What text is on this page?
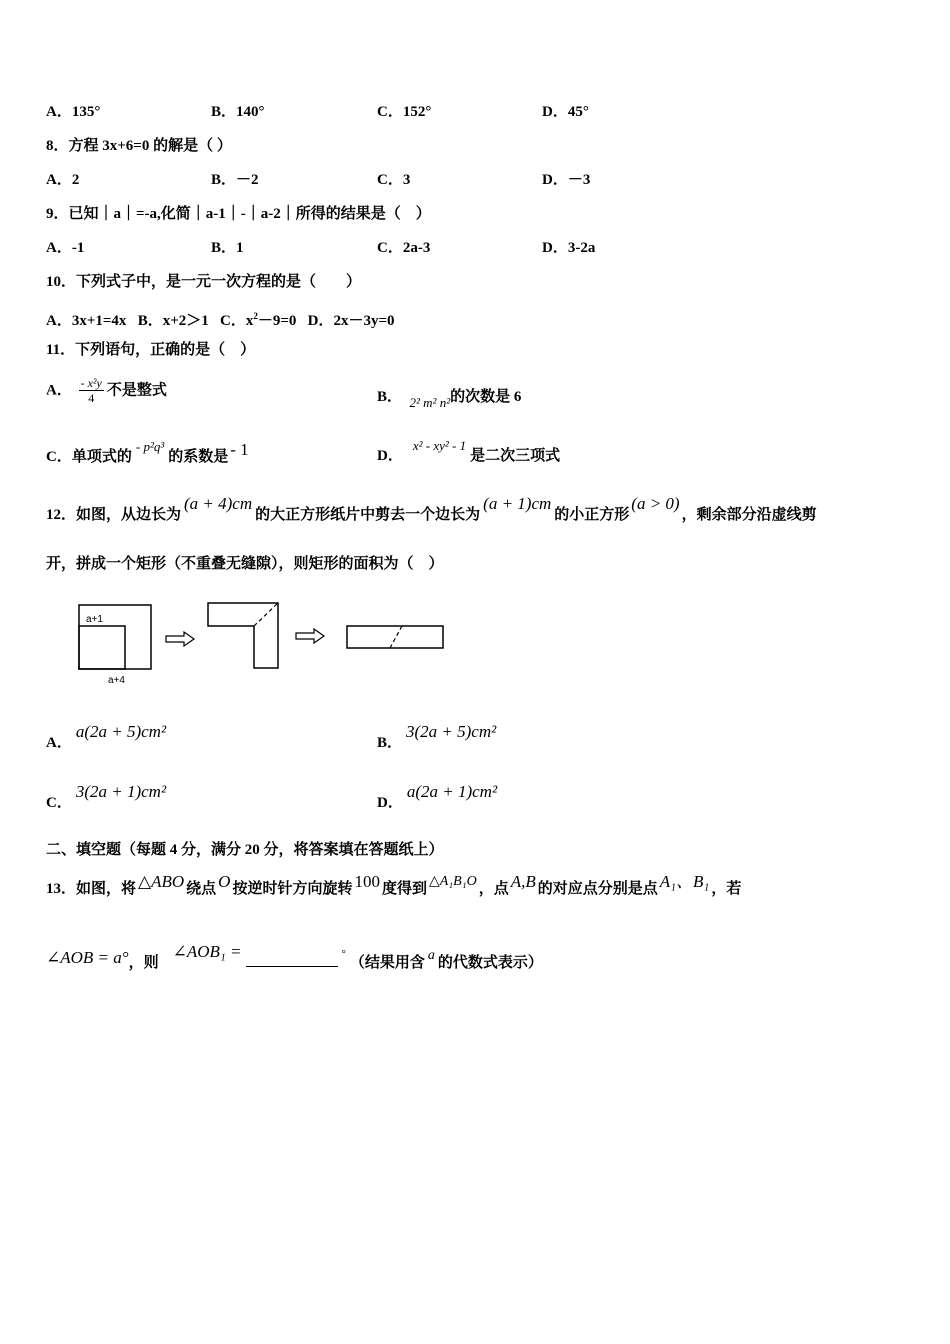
A．135°	B．140°	C．152°	D．45°
8．方程 3x+6=0 的解是（ ）
A．2	B．－2	C．3	D．－3
9．已知｜a｜=-a,化简｜a-1｜-｜a-2｜所得的结果是（　）
A．-1	B．1	C．2a-3	D．3-2a
10．下列式子中，是一元一次方程的是（　　）
A．3x+1=4x B．x+2＞1 C．$x^2-9=0$ D．2x－3y=0
11．下列语句，正确的是（　）
A． $\frac{\text{- x²y}}{4}$ 不是整式	B． 2² m² n²的次数是 6
C．单项式的- p²q³的系数是 - 1	D．x² - xy² - 1是二次三项式
12．如图，从边长为(a + 4)cm的大正方形纸片中剪去一个边长为(a + 1)cm的小正方形(a > 0)，剩余部分沿虚线剪
开，拼成一个矩形（不重叠无缝隙），则矩形的面积为（　）
a+1
a+4
A．a(2a + 5)cm²
B．3(2a + 5)cm²
C．3(2a + 1)cm²
D．a(2a + 1)cm²
二、填空题（每题 4 分，满分 20 分，将答案填在答题纸上）
13．如图，将 △ABO 绕点 O 按逆时针方向旋转 100 度得到 △A₁B₁O ，点 A,B 的对应点分别是点 A₁、B₁ ，若
∠AOB = a°，则∠AOB₁ =	°（结果用含 a 的代数式表示）
